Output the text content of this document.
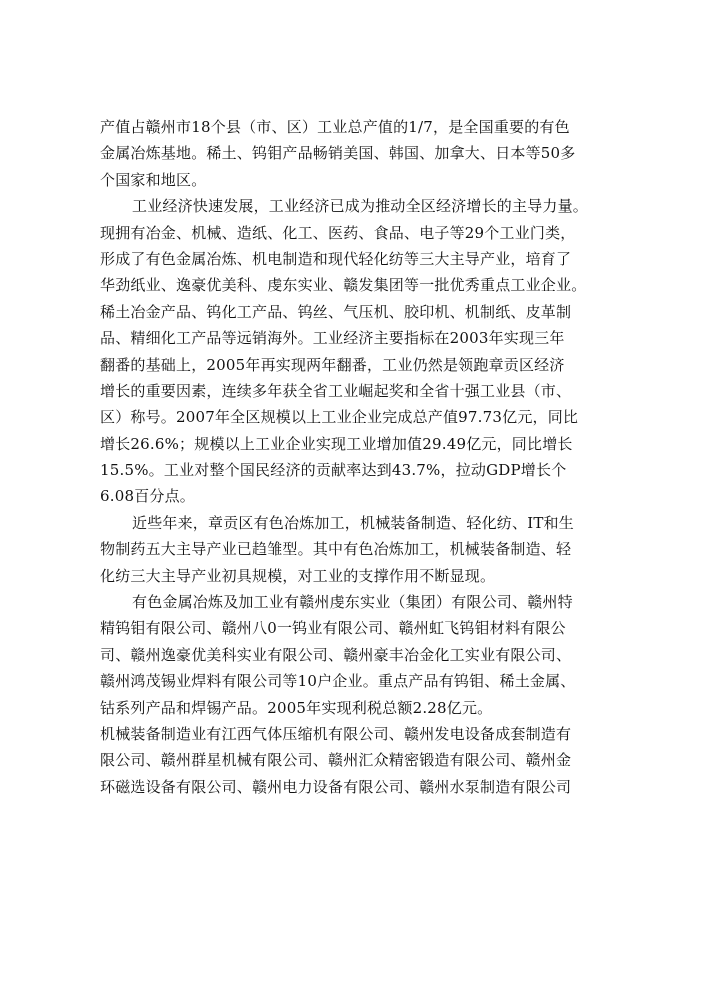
产值占赣州市18个县（市、区）工业总产值的1/7，是全国重要的有色
金属冶炼基地。稀土、钨钼产品畅销美国、韩国、加拿大、日本等50多
个国家和地区。
工业经济快速发展，工业经济已成为推动全区经济增长的主导力量。
现拥有冶金、机械、造纸、化工、医药、食品、电子等29个工业门类，
形成了有色金属冶炼、机电制造和现代轻化纺等三大主导产业，培育了
华劲纸业、逸豪优美科、虔东实业、赣发集团等一批优秀重点工业企业。
稀土冶金产品、钨化工产品、钨丝、气压机、胶印机、机制纸、皮革制
品、精细化工产品等远销海外。工业经济主要指标在2003年实现三年
翻番的基础上，2005年再实现两年翻番，工业仍然是领跑章贡区经济
增长的重要因素，连续多年获全省工业崛起奖和全省十强工业县（市、
区）称号。2007年全区规模以上工业企业完成总产值97.73亿元，同比
增长26.6%；规模以上工业企业实现工业增加值29.49亿元，同比增长
15.5%。工业对整个国民经济的贡献率达到43.7%，拉动GDP增长个
6.08百分点。
近些年来，章贡区有色冶炼加工，机械装备制造、轻化纺、IT和生
物制药五大主导产业已趋雏型。其中有色冶炼加工，机械装备制造、轻
化纺三大主导产业初具规模，对工业的支撑作用不断显现。
有色金属冶炼及加工业有赣州虔东实业（集团）有限公司、赣州特
精钨钼有限公司、赣州八0一钨业有限公司、赣州虹飞钨钼材料有限公
司、赣州逸豪优美科实业有限公司、赣州豪丰冶金化工实业有限公司、
赣州鸿茂锡业焊料有限公司等10户企业。重点产品有钨钼、稀土金属、
钴系列产品和焊锡产品。2005年实现利税总额2.28亿元。
机械装备制造业有江西气体压缩机有限公司、赣州发电设备成套制造有
限公司、赣州群星机械有限公司、赣州汇众精密锻造有限公司、赣州金
环磁选设备有限公司、赣州电力设备有限公司、赣州水泵制造有限公司
